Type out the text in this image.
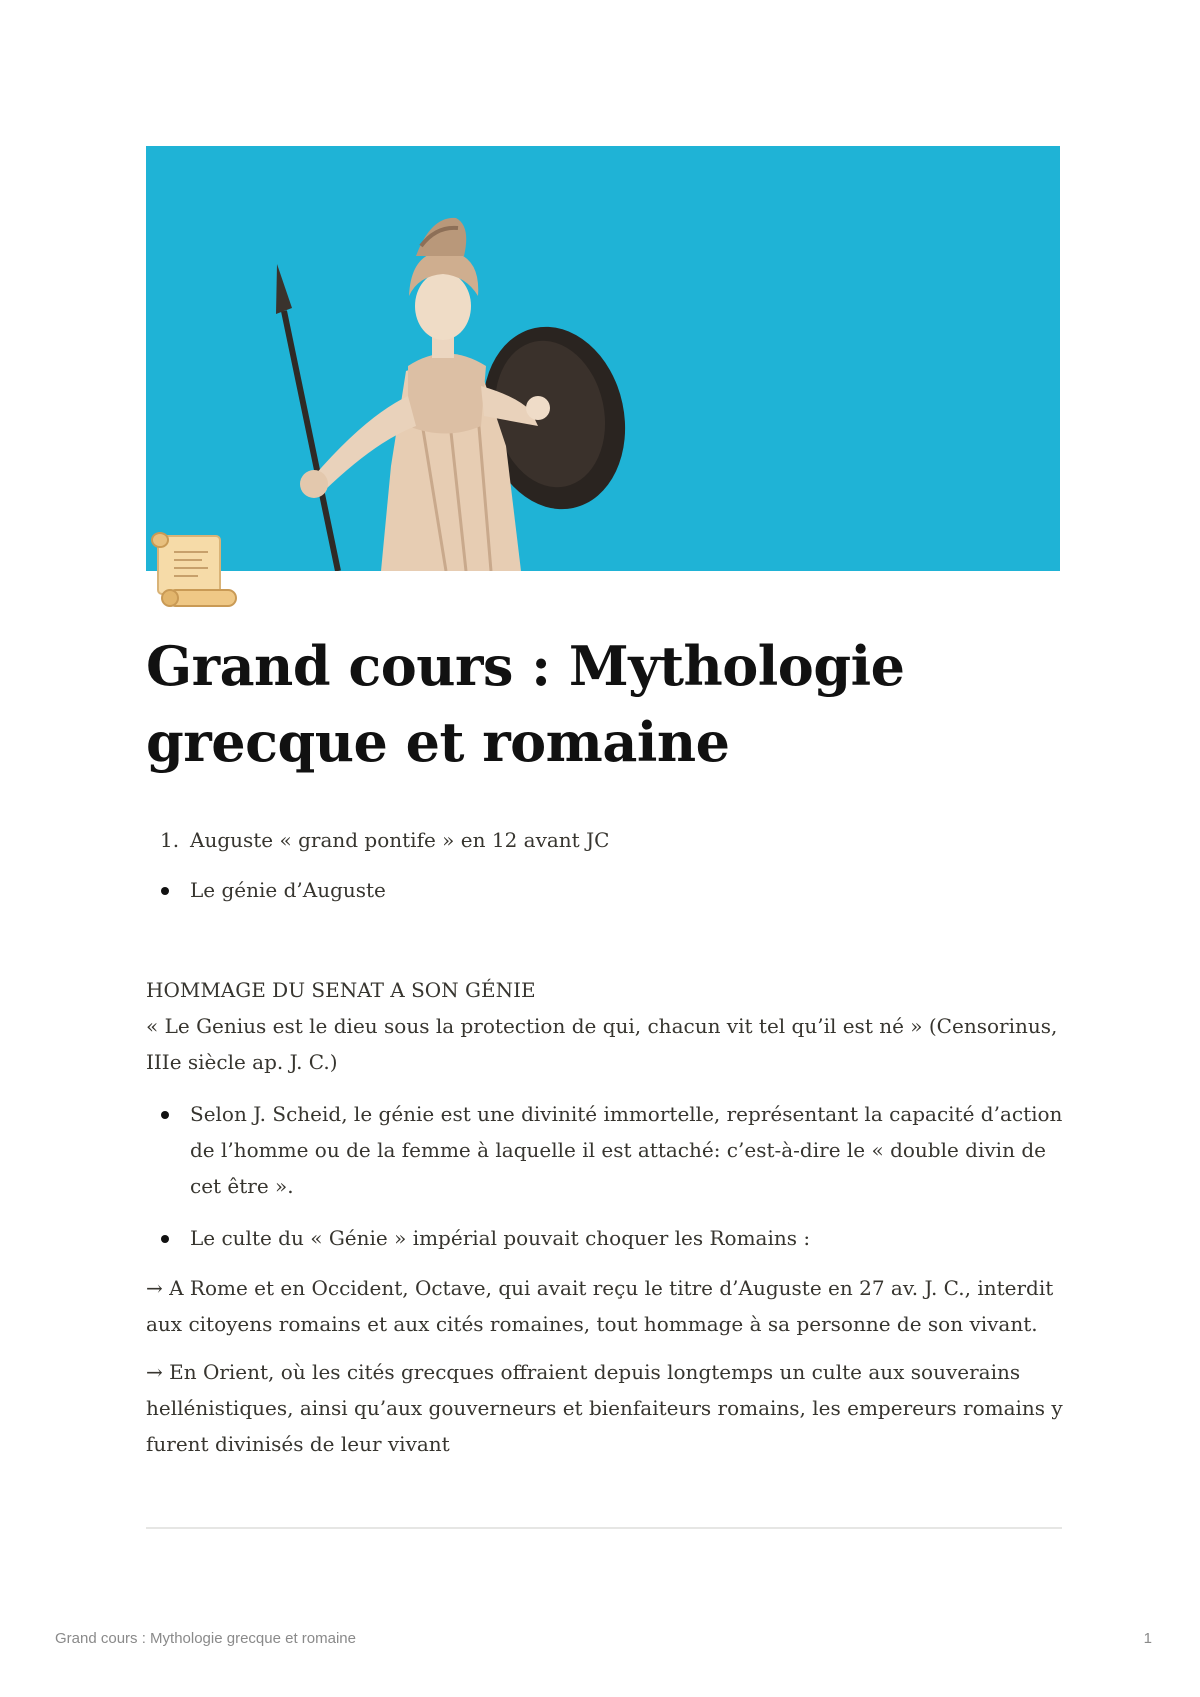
Grand cours : Mythologie grecque et romaine
1. Auguste « grand pontife » en 12 avant JC
Le génie d’Auguste

HOMMAGE DU SENAT A SON GÉNIE

« Le Genius est le dieu sous la protection de qui, chacun vit tel qu’il est né » (Censorinus, IIIe siècle ap. J. C.)

Selon J. Scheid, le génie est une divinité immortelle, représentant la capacité d’action de l’homme ou de la femme à laquelle il est attaché: c’est-à-dire le « double divin de cet être ».
Le culte du « Génie » impérial pouvait choquer les Romains :

→ A Rome et en Occident, Octave, qui avait reçu le titre d’Auguste en 27 av. J. C., interdit aux citoyens romains et aux cités romaines, tout hommage à sa personne de son vivant.

→ En Orient, où les cités grecques offraient depuis longtemps un culte aux souverains hellénistiques, ainsi qu’aux gouverneurs et bienfaiteurs romains, les empereurs romains y furent divinisés de leur vivant

Grand cours : Mythologie grecque et romaine	1
